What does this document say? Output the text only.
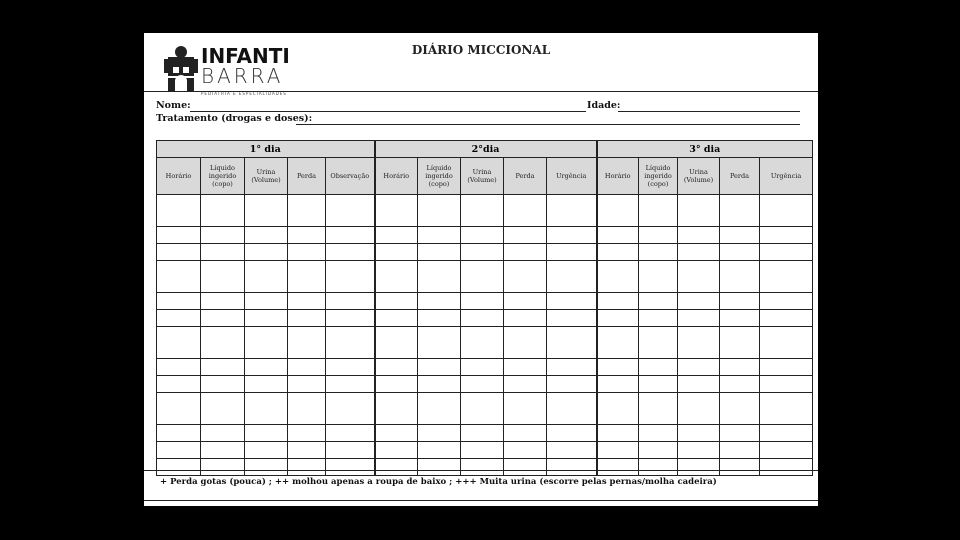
INFANTI
BARRA
PEDIATRIA E ESPECIALIDADES
DIÁRIO MICCIONAL
Nome:	Idade:
Tratamento (drogas e doses):
1° dia					2°dia					3° dia				
Horário	Líquido ingerido (copo)	Urina (Volume)	Perda	Observação	Horário	Líquido ingerido (copo)	Urina (Volume)	Perda	Urgência	Horário	Líquido ingerido (copo)	Urina (Volume)	Perda	Urgência

+ Perda gotas (pouca) ; ++ molhou apenas a roupa de baixo ; +++ Muita urina (escorre pelas pernas/molha cadeira)
